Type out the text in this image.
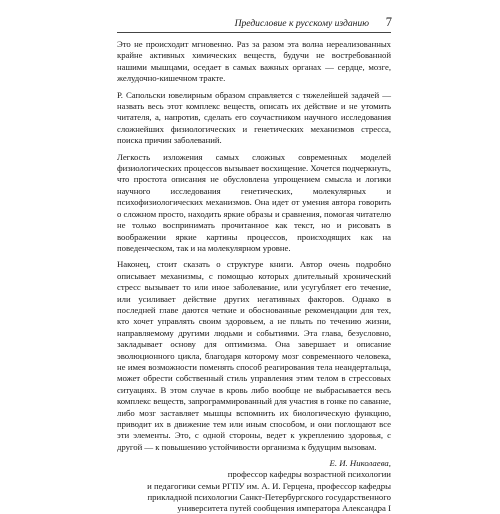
Предисловие к русскому изданию 7

Это не происходит мгновенно. Раз за разом эта волна нереализованных крайне активных химических веществ, будучи не востребованной нашими мышцами, оседает в самых важных органах — сердце, мозге, желудочно-кишечном тракте.

Р. Сапольски ювелирным образом справляется с тяжелейшей задачей — назвать весь этот комплекс веществ, описать их действие и не утомить читателя, а, напротив, сделать его соучастником научного исследования сложнейших физиологических и генетических механизмов стресса, поиска причин заболеваний.

Легкость изложения самых сложных современных моделей физиологических процессов вызывает восхищение. Хочется подчеркнуть, что простота описания не обусловлена упрощением смысла и логики научного исследования генетических, молекулярных и психофизиологических механизмов. Она идет от умения автора говорить о сложном просто, находить яркие образы и сравнения, помогая читателю не только воспринимать прочитанное как текст, но и рисовать в воображении яркие картины процессов, происходящих как на поведенческом, так и на молекулярном уровне.

Наконец, стоит сказать о структуре книги. Автор очень подробно описывает механизмы, с помощью которых длительный хронический стресс вызывает то или иное заболевание, или усугубляет его течение, или усиливает действие других негативных факторов. Однако в последней главе даются четкие и обоснованные рекомендации для тех, кто хочет управлять своим здоровьем, а не плыть по течению жизни, направляемому другими людьми и событиями. Эта глава, безусловно, закладывает основу для оптимизма. Она завершает и описание эволюционного цикла, благодаря которому мозг современного человека, не имея возможности поменять способ реагирования тела неандертальца, может обрести собственный стиль управления этим телом в стрессовых ситуациях. В этом случае в кровь либо вообще не выбрасывается весь комплекс веществ, запрограммированный для участия в гонке по саванне, либо мозг заставляет мышцы вспомнить их биологическую функцию, приводит их в движение тем или иным способом, и они поглощают все эти элементы. Это, с одной стороны, ведет к укреплению здоровья, с другой — к повышению устойчивости организма к будущим вызовам.

Е. И. Николаева,
профессор кафедры возрастной психологии
и педагогики семьи РГПУ им. А. И. Герцена, профессор кафедры
прикладной психологии Санкт-Петербургского государственного
университета путей сообщения императора Александра I
